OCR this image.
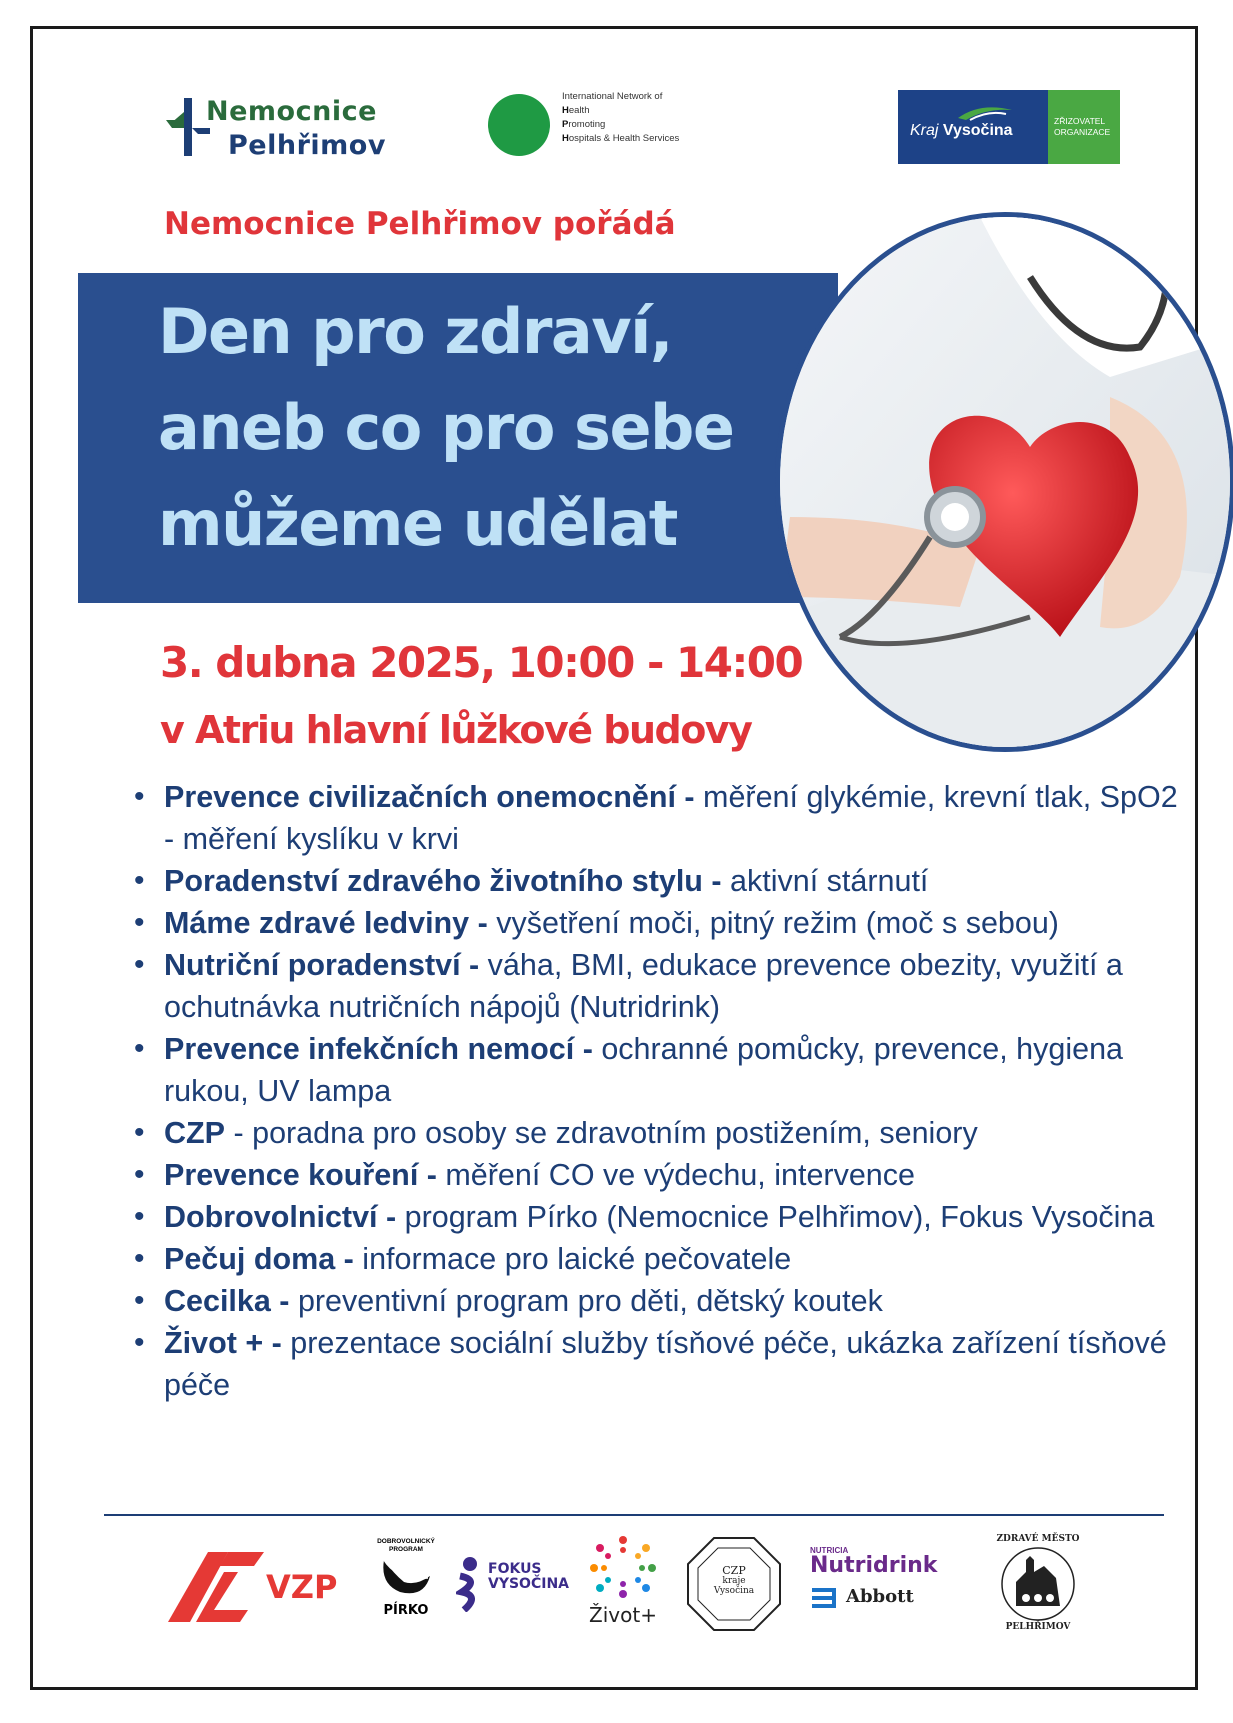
Nemocnice
Pelhřimov
International Network of
Health
Promoting
Hospitals & Health Services	Kraj Vysočina
ZŘIZOVATEL
ORGANIZACE
Nemocnice Pelhřimov pořádá
Den pro zdraví,
aneb co pro sebe
můžeme udělat
3. dubna 2025, 10:00 - 14:00
v Atriu hlavní lůžkové budovy
• Prevence civilizačních onemocnění - měření glykémie, krevní tlak, SpO2 - měření kyslíku v krvi
• Poradenství zdravého životního stylu - aktivní stárnutí
• Máme zdravé ledviny - vyšetření moči, pitný režim (moč s sebou)
• Nutriční poradenství - váha, BMI, edukace prevence obezity, využití a ochutnávka nutričních nápojů (Nutridrink)
• Prevence infekčních nemocí - ochranné pomůcky, prevence, hygiena rukou, UV lampa
• CZP - poradna pro osoby se zdravotním postižením, seniory
• Prevence kouření - měření CO ve výdechu, intervence
• Dobrovolnictví - program Pírko (Nemocnice Pelhřimov), Fokus Vysočina
• Pečuj doma - informace pro laické pečovatele
• Cecilka - preventivní program pro děti, dětský koutek
• Život + - prezentace sociální služby tísňové péče, ukázka zařízení tísňové péče
VZP
DOBROVOLNICKÝ PROGRAM
PÍRKO
FOKUS
VYSOČINA
Život+
CZP
kraje
Vysočina
NUTRICIA
Nutridrink
Abbott
ZDRAVÉ MĚSTO
PELHŘIMOV
